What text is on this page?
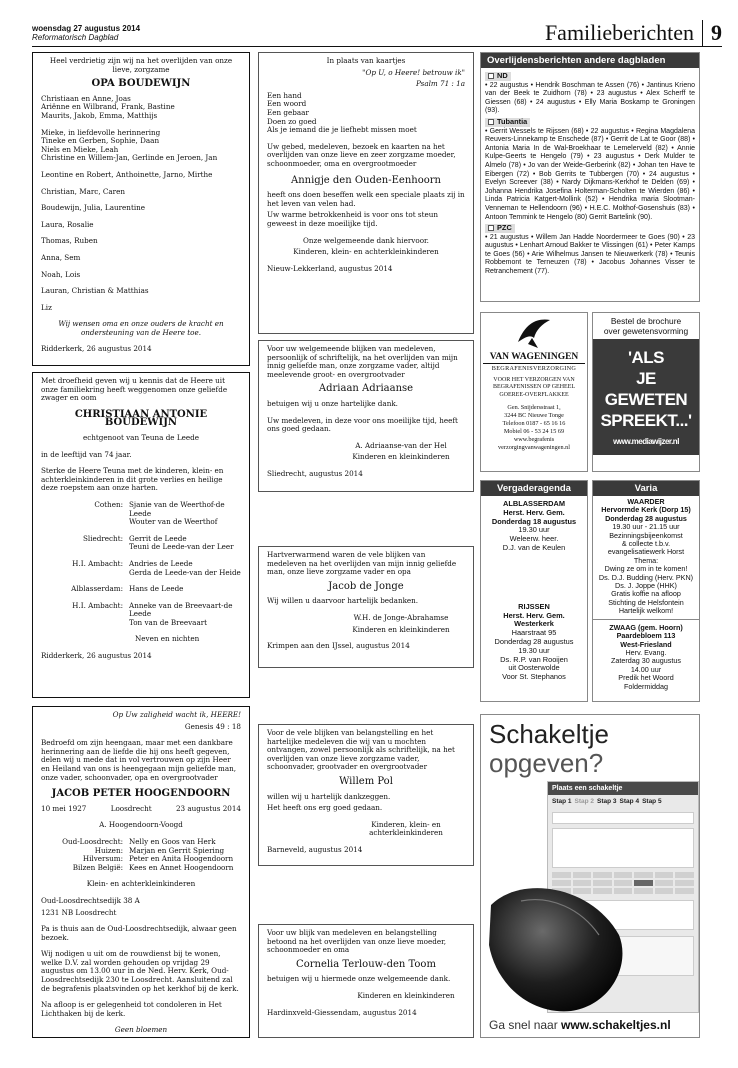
woensdag 27 augustus 2014
Reformatorisch Dagblad	Familieberichten 9

Heel verdrietig zijn wij na het overlijden van onze lieve, zorgzame

OPA BOUDEWIJN
Christiaan en Anne, Joas
Ariënne en Wilbrand, Frank, Bastine
Maurits, Jakob, Emma, Matthijs
Mieke, in liefdevolle herinnering
Tineke en Gerben, Sophie, Daan
Niels en Mieke, Leah
Christine en Willem-Jan, Gerlinde en Jeroen, Jan
Leontine en Robert, Anthoinette, Jarno, Mirthe
Christian, Marc, Caren
Boudewijn, Julia, Laurentine
Laura, Rosalie
Thomas, Ruben
Anna, Sem
Noah, Lois
Lauran, Christian & Matthias
Liz

Wij wensen oma en onze ouders de kracht en ondersteuning van de Heere toe.

Ridderkerk, 26 augustus 2014

Met droefheid geven wij u kennis dat de Heere uit onze familiekring heeft weggenomen onze geliefde zwager en oom

CHRISTIAAN ANTONIE BOUDEWIJN

echtgenoot van Teuna de Leede

in de leeftijd van 74 jaar.

Sterke de Heere Teuna met de kinderen, klein- en achterkleinkinderen in dit grote verlies en heilige deze roepstem aan onze harten.

Cothen: Sjanie van de Weerthof-de Leede
Wouter van de Weerthof
Sliedrecht: Gerrit de Leede
Teuni de Leede-van der Leer
H.I. Ambacht: Andries de Leede
Gerda de Leede-van der Heide
Alblasserdam: Hans de Leede
H.I. Ambacht: Anneke van de Breevaart-de Leede
Ton van de Breevaart

Neven en nichten

Ridderkerk, 26 augustus 2014

Op Uw zaligheid wacht ik, HEERE!

Genesis 49 : 18

Bedroefd om zijn heengaan, maar met een dankbare herinnering aan de liefde die hij ons heeft gegeven, delen wij u mede dat in vol vertrouwen op zijn Heer en Heiland van ons is heengegaan mijn geliefde man, onze vader, schoonvader, opa en overgrootvader

JACOB PETER HOOGENDOORN
10 mei 1927	Loosdrecht	23 augustus 2014

A. Hoogendoorn-Voogd

Oud-Loosdrecht: Nelly en Goos van Herk
Huizen: Marjan en Gerrit Spiering
Hilversum: Peter en Anita Hoogendoorn
Bilzen België: Kees en Annet Hoogendoorn

Klein- en achterkleinkinderen

Oud-Loosdrechtsedijk 38 A

1231 NB Loosdrecht

Pa is thuis aan de Oud-Loosdrechtsedijk, alwaar geen bezoek.

Wij nodigen u uit om de rouwdienst bij te wonen, welke D.V. zal worden gehouden op vrijdag 29 augustus om 13.00 uur in de Ned. Herv. Kerk, Oud-Loosdrechtsedijk 230 te Loosdrecht. Aansluitend zal de begrafenis plaatsvinden op het kerkhof bij de kerk.

Na afloop is er gelegenheid tot condoleren in Het Lichthaken bij de kerk.

Geen bloemen

In plaats van kaartjes

"Op U, o Heere! betrouw ik"

Psalm 71 : 1a

Een hand
Een woord
Een gebaar
Doen zo goed
Als je iemand die je liefhebt missen moet

Uw gebed, medeleven, bezoek en kaarten na het overlijden van onze lieve en zeer zorgzame moeder, schoonmoeder, oma en overgrootmoeder

Annigje den Ouden-Eenhoorn

heeft ons doen beseffen welk een speciale plaats zij in het leven van velen had.

Uw warme betrokkenheid is voor ons tot steun geweest in deze moeilijke tijd.

Onze welgemeende dank hiervoor.

Kinderen, klein- en achterkleinkinderen

Nieuw-Lekkerland, augustus 2014

Voor uw welgemeende blijken van medeleven, persoonlijk of schriftelijk, na het overlijden van mijn innig geliefde man, onze zorgzame vader, altijd meelevende groot- en overgrootvader

Adriaan Adriaanse

betuigen wij u onze hartelijke dank.

Uw medeleven, in deze voor ons moeilijke tijd, heeft ons goed gedaan.

A. Adriaanse-van der Hel

Kinderen en kleinkinderen

Sliedrecht, augustus 2014

Hartverwarmend waren de vele blijken van medeleven na het overlijden van mijn innig geliefde man, onze lieve zorgzame vader en opa

Jacob de Jonge

Wij willen u daarvoor hartelijk bedanken.

W.H. de Jonge-Abrahamse

Kinderen en kleinkinderen

Krimpen aan den IJssel, augustus 2014

Voor de vele blijken van belangstelling en het hartelijke medeleven die wij van u mochten ontvangen, zowel persoonlijk als schriftelijk, na het overlijden van onze lieve zorgzame vader, schoonvader, grootvader en overgrootvader

Willem Pol

willen wij u hartelijk dankzeggen.

Het heeft ons erg goed gedaan.

Kinderen, klein- en achterkleinkinderen

Barneveld, augustus 2014

Voor uw blijk van medeleven en belangstelling betoond na het overlijden van onze lieve moeder, schoonmoeder en oma

Cornelia Terlouw-den Toom

betuigen wij u hiermede onze welgemeende dank.

Kinderen en kleinkinderen

Hardinxveld-Giessendam, augustus 2014

Overlijdensberichten andere dagbladen
ND
• 22 augustus • Hendrik Boschman te Assen (76) • Jantinus Krieno van der Beek te Zuidhorn (78) • 23 augustus • Alex Scherff te Giessen (68) • 24 augustus • Elly Maria Boskamp te Groningen (93).
Tubantia
• Gerrit Wessels te Rijssen (68) • 22 augustus • Regina Magdalena Reuvers-Linnekamp te Enschede (87) • Gerrit de Lat te Goor (88) • Antonia Maria In de Wal-Broekhaar te Lemelerveld (82) • Annie Kulpe-Geerts te Hengelo (79) • 23 augustus • Derk Mulder te Almelo (78) • Jo van der Weide-Gerberink (82) • Johan ten Have te Eibergen (72) • Bob Gerrits te Tubbergen (70) • 24 augustus • Evelyn Screever (38) • Nardy Dijkmans-Kerkhof te Delden (69) • Johanna Hendrika Josefina Holterman-Scholten te Wierden (86) • Linda Patricia Katgert-Mollink (52) • Hendrika maria Slootman-Venneman te Hellendoorn (96) • H.E.C. Molthof-Gosenshuis (83) • Antoon Temmink te Hengelo (80) Gerrit Bartelink (90).
PZC
• 21 augustus • Willem Jan Hadde Noordermeer te Goes (90) • 23 augustus • Lenhart Arnoud Bakker te Vlissingen (61) • Peter Kamps te Goes (56) • Arie Wilhelmus Jansen te Nieuwerkerk (78) • Teunis Robbemont te Terneuzen (78) • Jacobus Johannes Visser te Retranchement (77).
VAN WAGENINGEN
BEGRAFENISVERZORGING
VOOR HET VERZORGEN VAN
BEGRAFENISSEN OP GEHEEL
GOEREE-OVERFLAKKEE
Gen. Snijdersstraat 1,
3244 BC Nieuwe Tonge
Telefoon 0187 - 65 16 16
Mobiel 06 - 53 24 15 69
www.begrafenis
verzorgingvanwageningen.nl
Bestel de brochure
over gewetensvorming
'ALS
JE
GEWETEN
SPREEKT...'
www.mediawijzer.nl
Vergaderagenda
ALBLASSERDAM
Herst. Herv. Gem.
Donderdag 18 augustus
19.30 uur
Weleerw. heer.
D.J. van de Keulen
RIJSSEN
Herst. Herv. Gem.
Westerkerk
Haarstraat 95
Donderdag 28 augustus
19.30 uur
Ds. R.P. van Rooijen
uit Oosterwolde
Voor St. Stephanos
Varia
WAARDER
Hervormde Kerk (Dorp 15)
Donderdag 28 augustus
19.30 uur - 21.15 uur
Bezinningsbijeenkomst
& collecte t.b.v.
evangelisatiewerk Horst
Thema:
Dwing ze om in te komen!
Ds. D.J. Budding (Herv. PKN)
Ds. J. Joppe (HHK)
Gratis koffie na afloop
Stichting de Helsfontein
Hartelijk welkom!
ZWAAG (gem. Hoorn)
Paardebloem 113
West-Friesland
Herv. Evang.
Zaterdag 30 augustus
14.00 uur
Predik het Woord
Foldermiddag
Schakeltje
opgeven?
Plaats een schakeltje
Stap 1 Stap 2 Stap 3 Stap 4 Stap 5
Ga snel naar www.schakeltjes.nl
